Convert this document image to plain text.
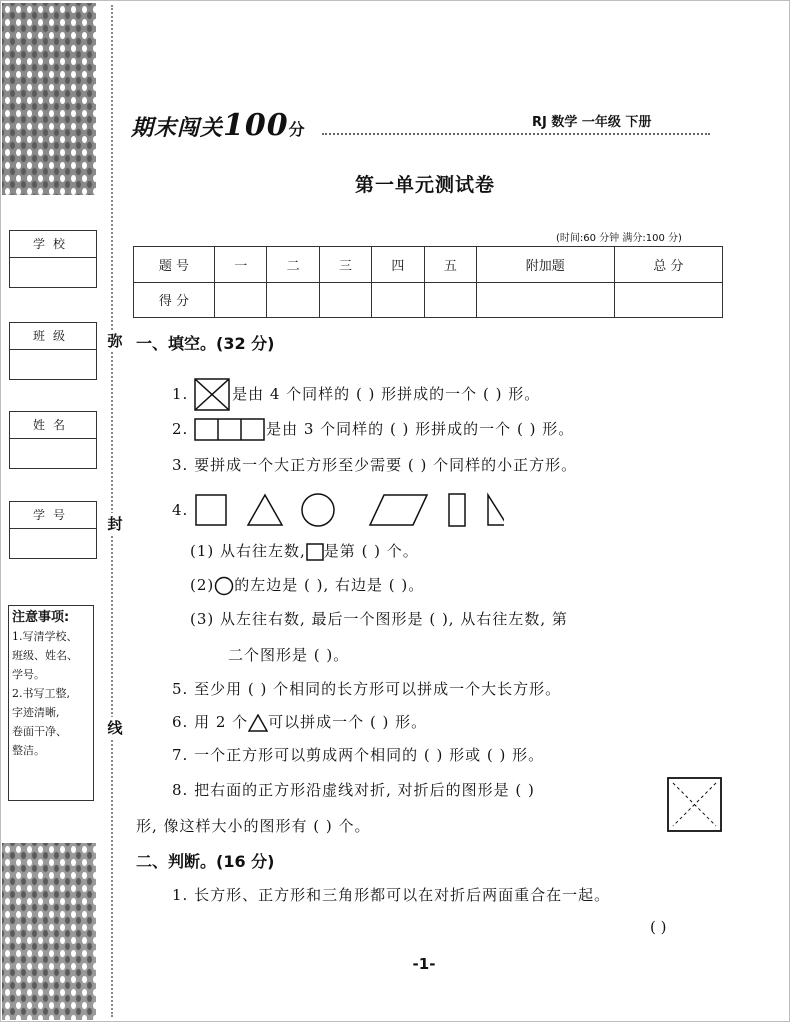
弥
封
线
学校
班级
姓名
学号
注意事项:
1.写清学校、
班级、姓名、
学号。
2.书写工整,
字迹清晰,
卷面干净、
整洁。
期末闯关100分	RJ 数学 一年级 下册
第一单元测试卷
(时间:60 分钟 满分:100 分)
题 号	一	二	三	四	五	附加题	总 分
得 分							
一、填空。(32 分)
1.	是由 4 个同样的 ( ) 形拼成的一个 ( ) 形。
2.	是由 3 个同样的 ( ) 形拼成的一个 ( ) 形。
3. 要拼成一个大正方形至少需要 ( ) 个同样的小正方形。
4.
(1) 从右往左数, 是第 ( ) 个。
(2) 的左边是 ( ), 右边是 ( )。
(3) 从左往右数, 最后一个图形是 ( ), 从右往左数, 第
二个图形是 ( )。
5. 至少用 ( ) 个相同的长方形可以拼成一个大长方形。
6. 用 2 个 可以拼成一个 ( ) 形。
7. 一个正方形可以剪成两个相同的 ( ) 形或 ( ) 形。
8. 把右面的正方形沿虚线对折, 对折后的图形是 ( )
形, 像这样大小的图形有 ( ) 个。
二、判断。(16 分)
1. 长方形、正方形和三角形都可以在对折后两面重合在一起。
( )
-1-
